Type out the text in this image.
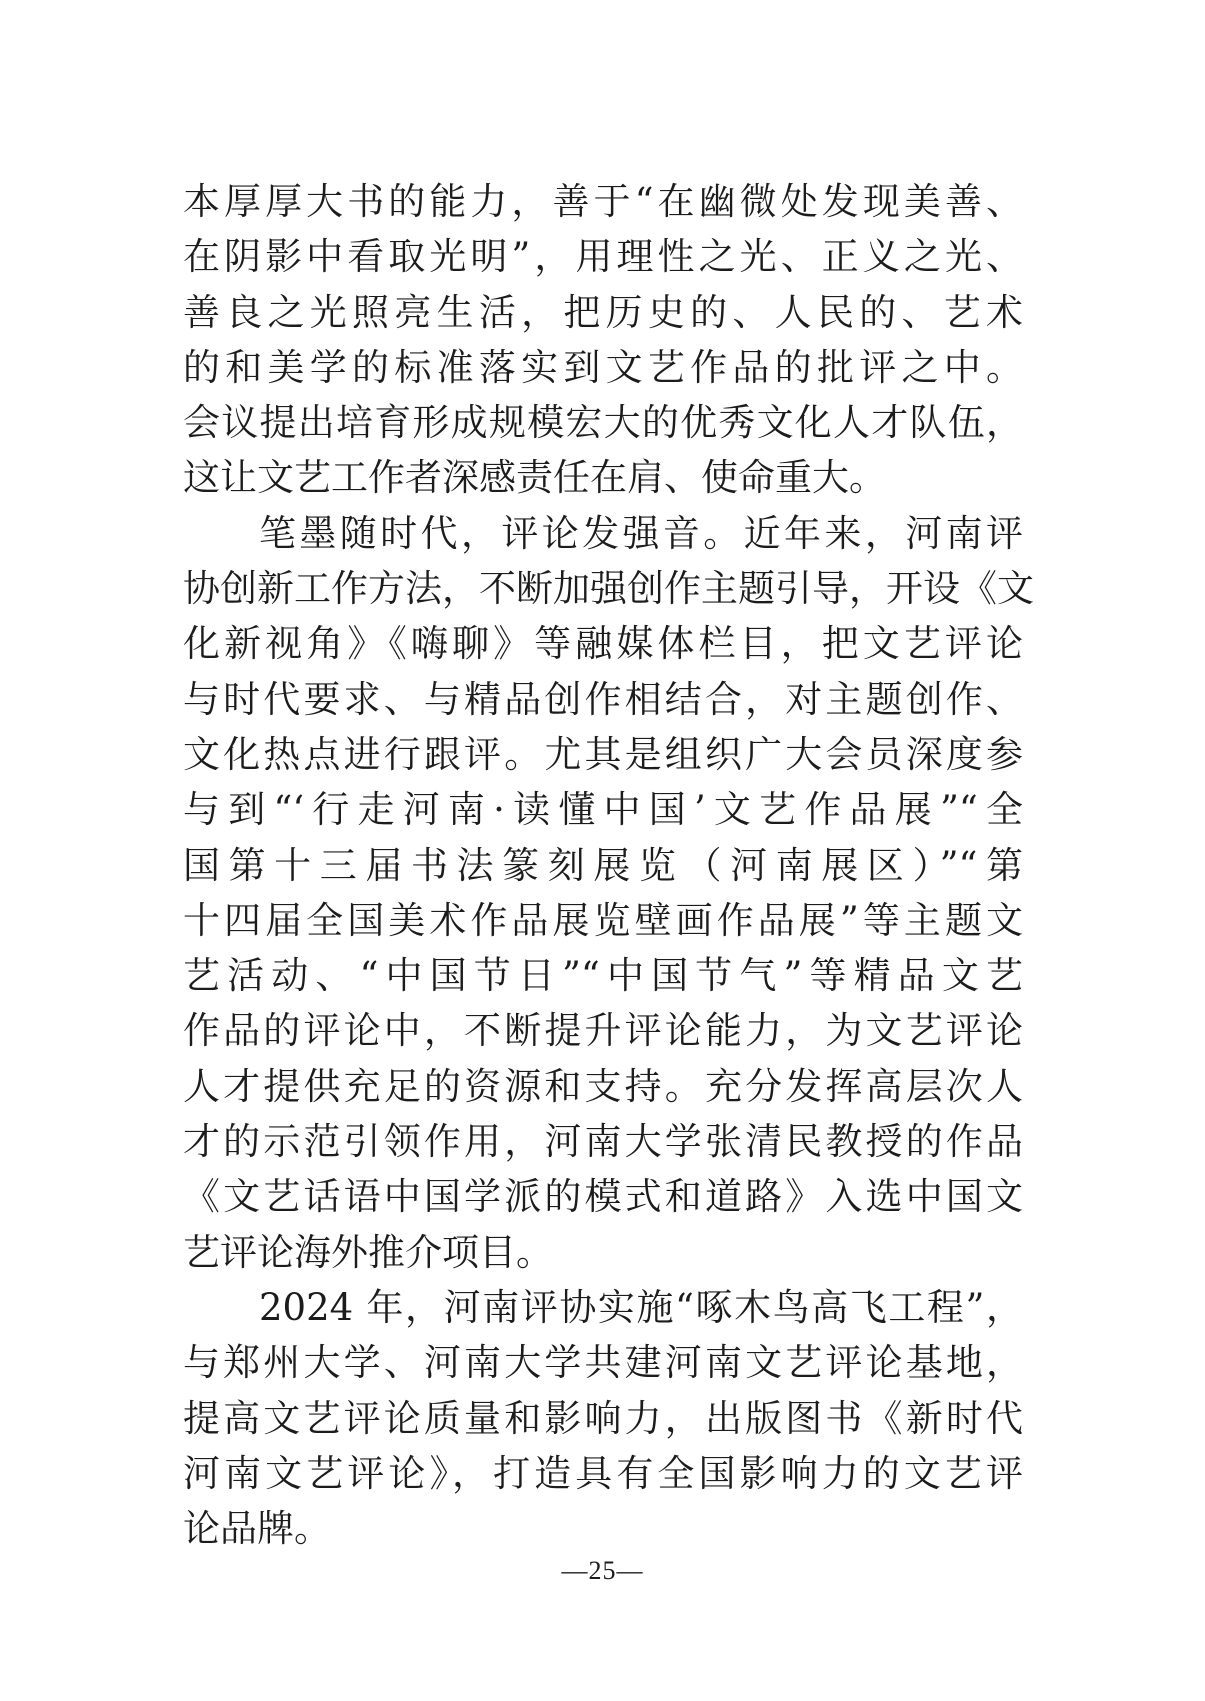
本厚厚大书的能力，善于“在幽微处发现美善、
在阴影中看取光明”，用理性之光、正义之光、
善良之光照亮生活，把历史的、人民的、艺术
的和美学的标准落实到文艺作品的批评之中。
会议提出培育形成规模宏大的优秀文化人才队伍，
这让文艺工作者深感责任在肩、使命重大。
笔墨随时代，评论发强音。近年来，河南评
协创新工作方法，不断加强创作主题引导，开设《文
化新视角》《嗨聊》等融媒体栏目，把文艺评论
与时代要求、与精品创作相结合，对主题创作、
文化热点进行跟评。尤其是组织广大会员深度参
与到“‘行走河南·读懂中国’文艺作品展”“全
国第十三届书法篆刻展览（河南展区）”“第
十四届全国美术作品展览壁画作品展”等主题文
艺活动、“中国节日”“中国节气”等精品文艺
作品的评论中，不断提升评论能力，为文艺评论
人才提供充足的资源和支持。充分发挥高层次人
才的示范引领作用，河南大学张清民教授的作品
《文艺话语中国学派的模式和道路》入选中国文
艺评论海外推介项目。
2024 年，河南评协实施“啄木鸟高飞工程”，
与郑州大学、河南大学共建河南文艺评论基地，
提高文艺评论质量和影响力，出版图书《新时代
河南文艺评论》，打造具有全国影响力的文艺评
论品牌。
—25—
